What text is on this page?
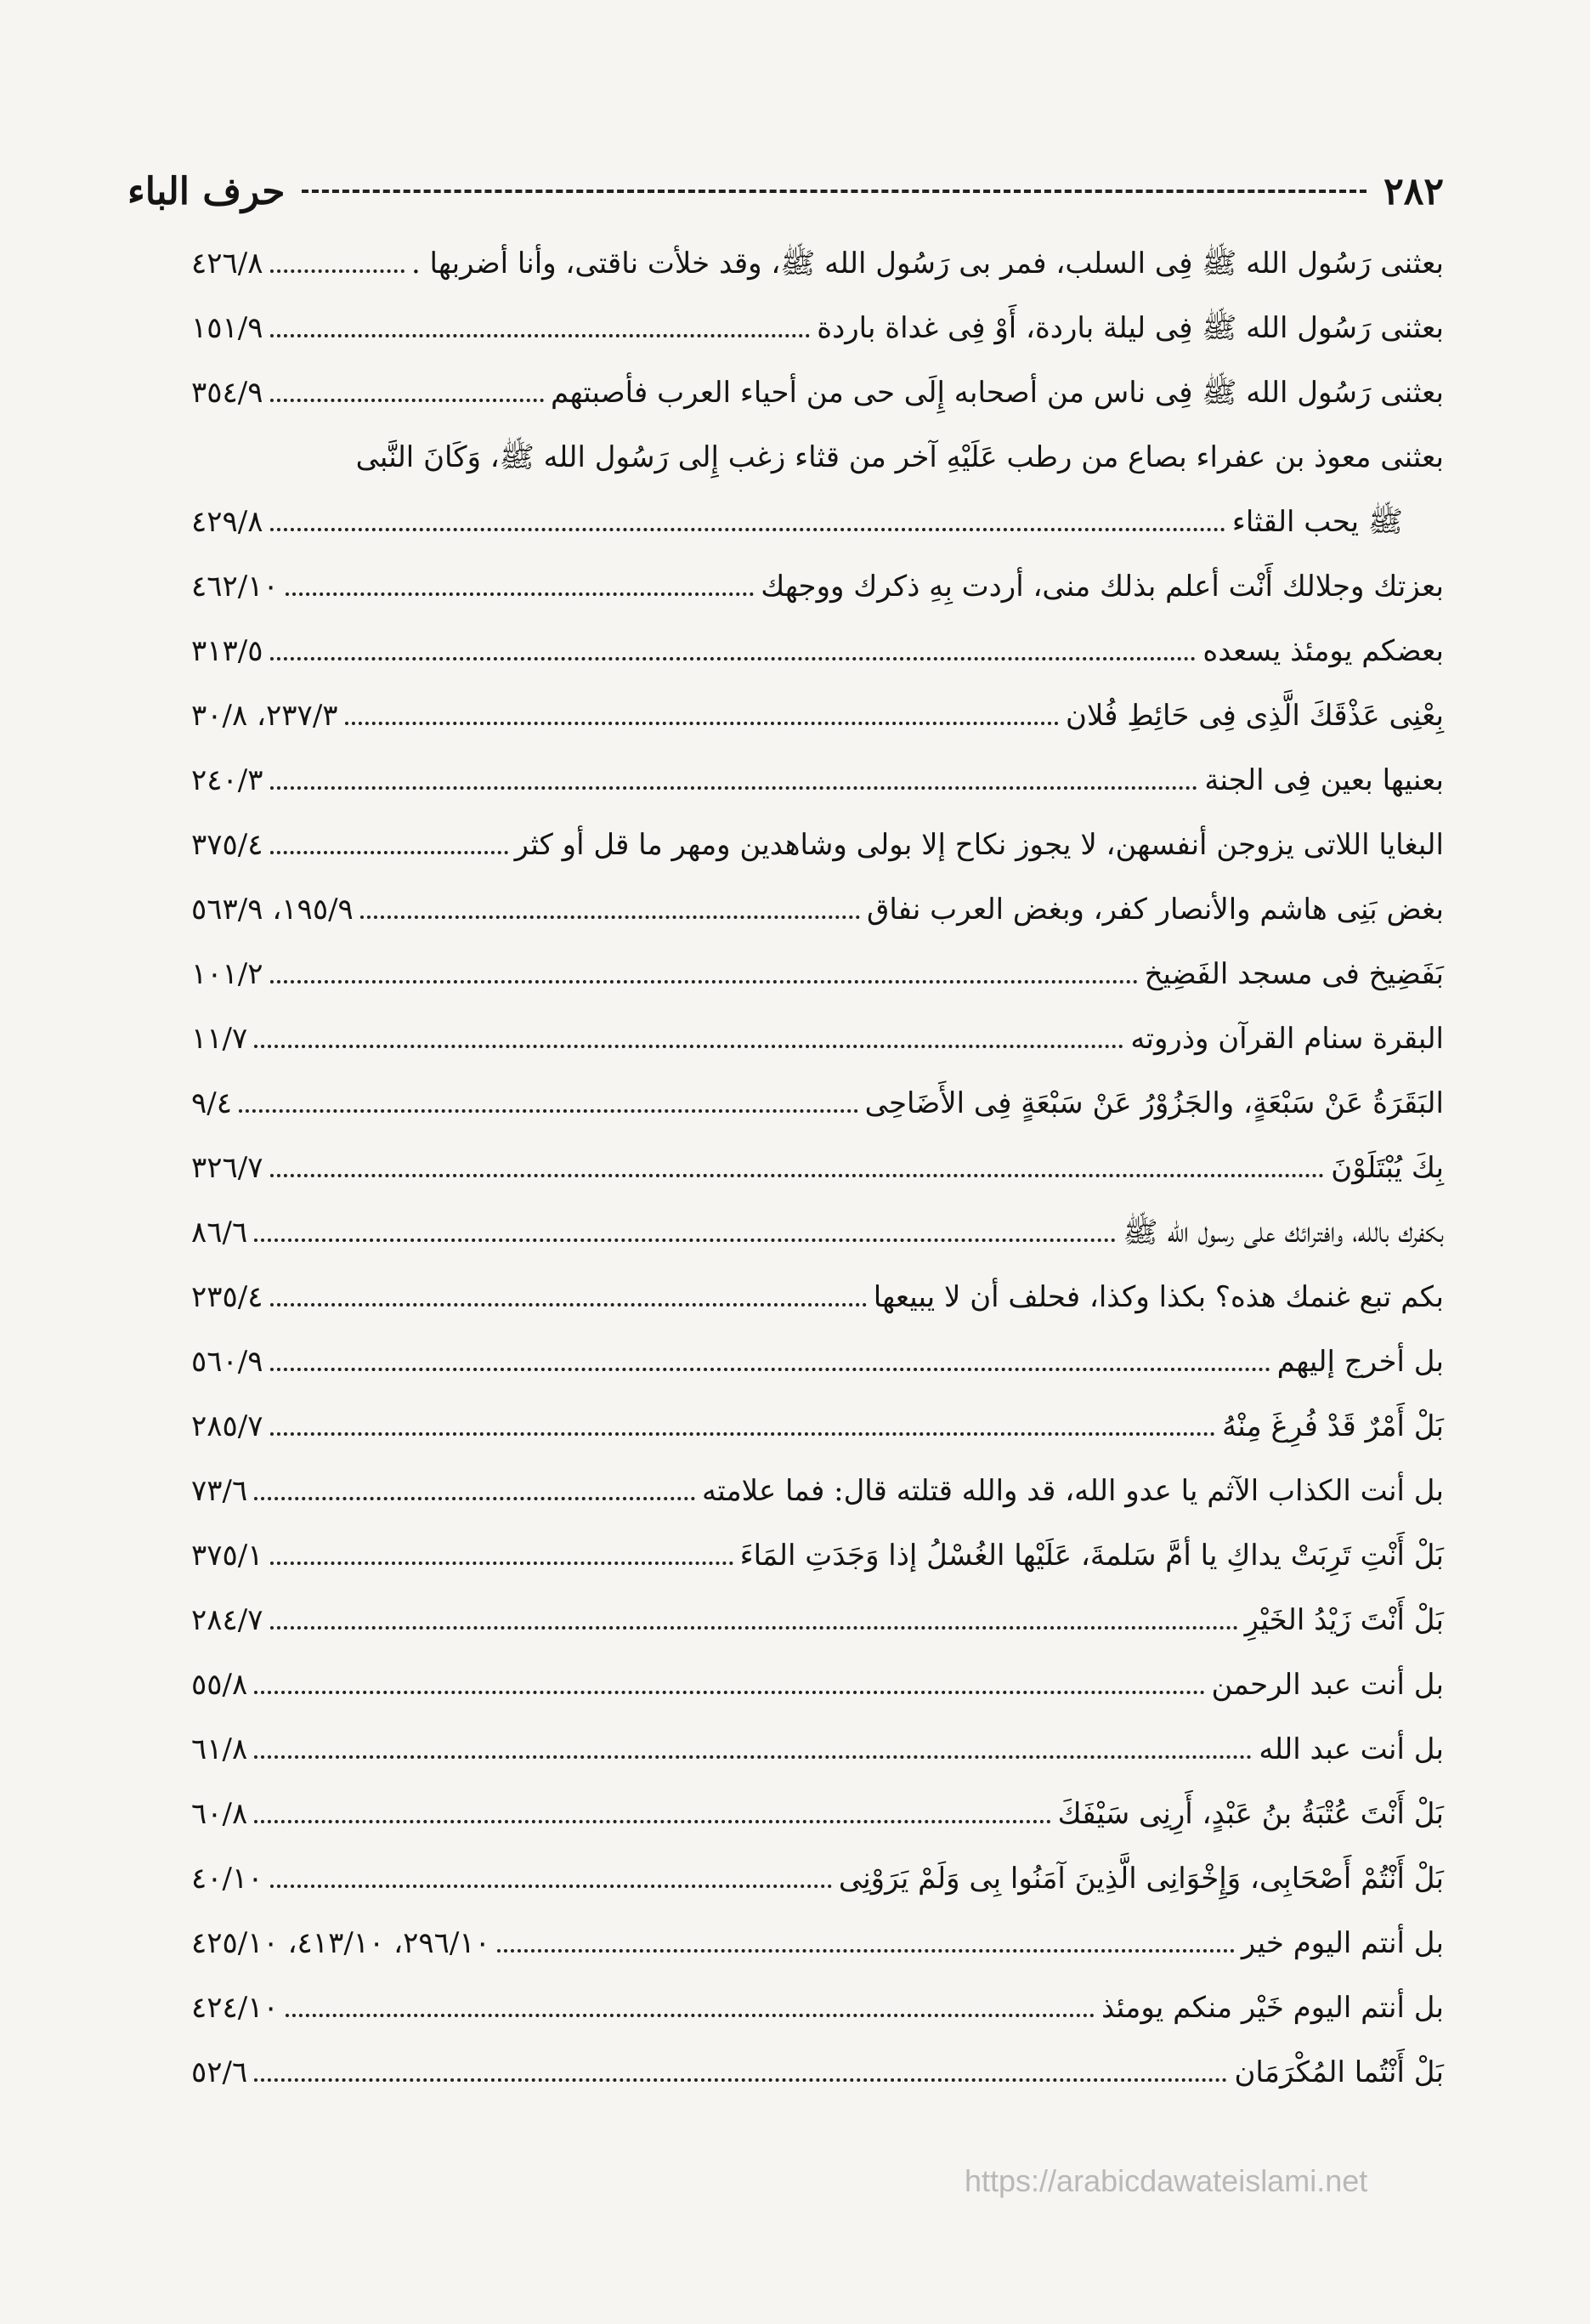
٢٨٢
حرف الباء
بعثنى رَسُول الله ﷺ فِى السلب، فمر بى رَسُول الله ﷺ، وقد خلأت ناقتى، وأنا أضربها .
٤٢٦/٨
بعثنى رَسُول الله ﷺ فِى ليلة باردة، أَوْ فِى غداة باردة
١٥١/٩
بعثنى رَسُول الله ﷺ فِى ناس من أصحابه إِلَى حى من أحياء العرب فأصبتهم
٣٥٤/٩
بعثنى معوذ بن عفراء بصاع من رطب عَلَيْهِ آخر من قثاء زغب إِلى رَسُول الله ﷺ، وَكَانَ النَّبى
ﷺ يحب القثاء
٤٢٩/٨
بعزتك وجلالك أَنْت أعلم بذلك منى، أردت بِهِ ذكرك ووجهك
٤٦٢/١٠
بعضكم يومئذ يسعده
٣١٣/٥
بِعْنِى عَذْقَكَ الَّذِى فِى حَائِطِ فُلان
٢٣٧/٣، ٣٠/٨
بعنيها بعين فِى الجنة
٢٤٠/٣
البغايا اللاتى يزوجن أنفسهن، لا يجوز نكاح إلا بولى وشاهدين ومهر ما قل أو كثر
٣٧٥/٤
بغض بَنِى هاشم والأنصار كفر، وبغض العرب نفاق
١٩٥/٩، ٥٦٣/٩
بَفَضِيخ فى مسجد الفَضِيخ
١٠١/٢
البقرة سنام القرآن وذروته
١١/٧
البَقَرَةُ عَنْ سَبْعَةٍ، والجَزُوْرُ عَنْ سَبْعَةٍ فِى الأَضَاحِى
٩/٤
بِكَ يُبْتَلَوْنَ
٣٢٦/٧
بكفرك بالله، وافترائك على رسول الله ﷺ
٨٦/٦
بكم تبع غنمك هذه؟ بكذا وكذا، فحلف أن لا يبيعها
٢٣٥/٤
بل أخرج إليهم
٥٦٠/٩
بَلْ أَمْرٌ قَدْ فُرِغَ مِنْهُ
٢٨٥/٧
بل أنت الكذاب الآثم يا عدو الله، قد والله قتلته قال: فما علامته
٧٣/٦
بَلْ أَنْتِ تَرِبَتْ يداكِ يا أمَّ سَلمةَ، عَلَيْها الغُسْلُ إذا وَجَدَتِ المَاءَ
٣٧٥/١
بَلْ أَنْتَ زَيْدُ الخَيْرِ
٢٨٤/٧
بل أنت عبد الرحمن
٥٥/٨
بل أنت عبد الله
٦١/٨
بَلْ أَنْتَ عُتْبَةُ بنُ عَبْدٍ، أَرِنِى سَيْفَكَ
٦٠/٨
بَلْ أَنْتُمْ أَصْحَابِى، وَإِخْوَانِى الَّذِينَ آمَنُوا بِى وَلَمْ يَرَوْنِى
٤٠/١٠
بل أنتم اليوم خير
٢٩٦/١٠، ٤١٣/١٠، ٤٢٥/١٠
بل أنتم اليوم خَيْر منكم يومئذ
٤٢٤/١٠
بَلْ أَنْتُما المُكْرَمَان
٥٢/٦
https://arabicdawateislami.net
